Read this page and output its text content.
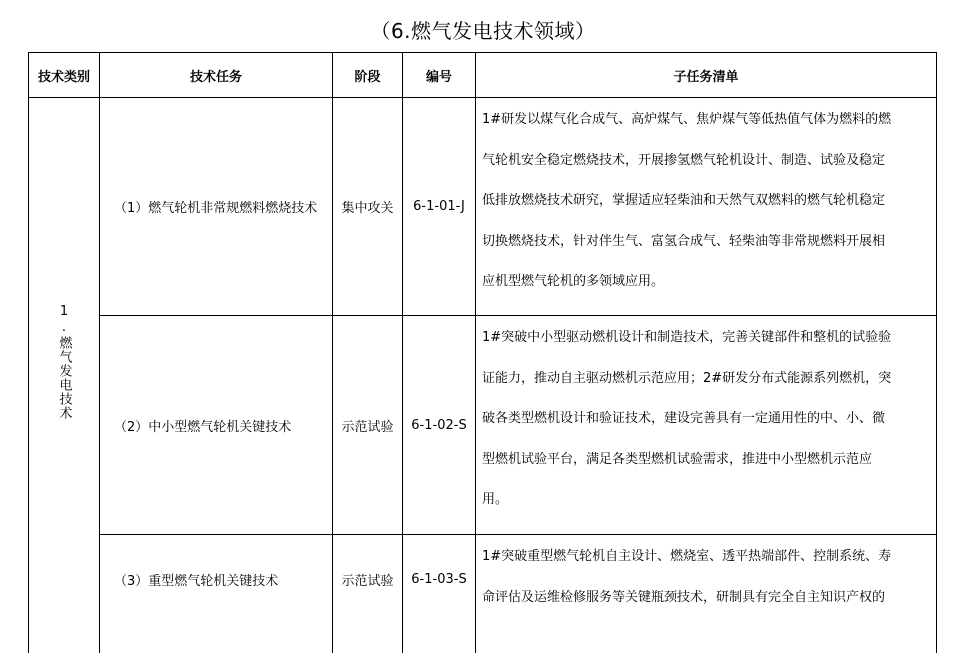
（6.燃气发电技术领域）
技术类别	技术任务	阶段	编号	子任务清单
1.燃气发电技术
（1）燃气轮机非常规燃料燃烧技术	集中攻关	6-1-01-J
1#研发以煤气化合成气、高炉煤气、焦炉煤气等低热值气体为燃料的燃
气轮机安全稳定燃烧技术，开展掺氢燃气轮机设计、制造、试验及稳定
低排放燃烧技术研究，掌握适应轻柴油和天然气双燃料的燃气轮机稳定
切换燃烧技术，针对伴生气、富氢合成气、轻柴油等非常规燃料开展相
应机型燃气轮机的多领域应用。
（2）中小型燃气轮机关键技术	示范试验	6-1-02-S
1#突破中小型驱动燃机设计和制造技术，完善关键部件和整机的试验验
证能力，推动自主驱动燃机示范应用；2#研发分布式能源系列燃机，突
破各类型燃机设计和验证技术，建设完善具有一定通用性的中、小、微
型燃机试验平台，满足各类型燃机试验需求，推进中小型燃机示范应
用。
（3）重型燃气轮机关键技术	示范试验	6-1-03-S
1#突破重型燃气轮机自主设计、燃烧室、透平热端部件、控制系统、寿
命评估及运维检修服务等关键瓶颈技术，研制具有完全自主知识产权的
